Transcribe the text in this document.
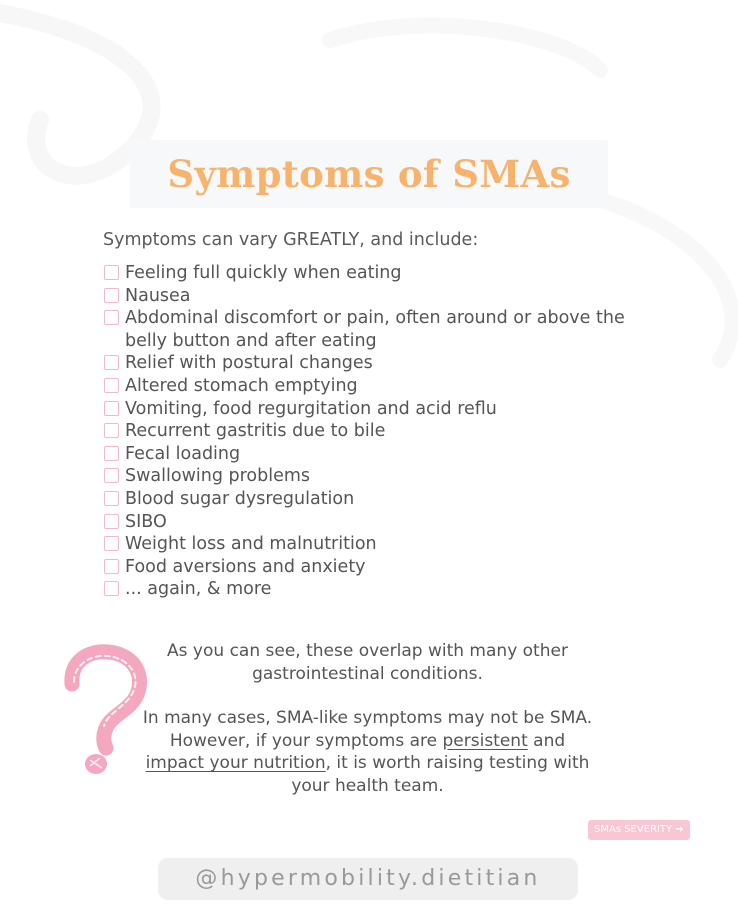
Symptoms of SMAs
Symptoms can vary GREATLY, and include:
Feeling full quickly when eating
Nausea
Abdominal discomfort or pain, often around or above the belly button and after eating
Relief with postural changes
Altered stomach emptying
Vomiting, food regurgitation and acid reflu
Recurrent gastritis due to bile
Fecal loading
Swallowing problems
Blood sugar dysregulation
SIBO
Weight loss and malnutrition
Food aversions and anxiety
... again, & more

As you can see, these overlap with many other gastrointestinal conditions.

In many cases, SMA-like symptoms may not be SMA. However, if your symptoms are persistent and impact your nutrition, it is worth raising testing with your health team.

SMAs SEVERITY ➜
@hypermobility.dietitian
